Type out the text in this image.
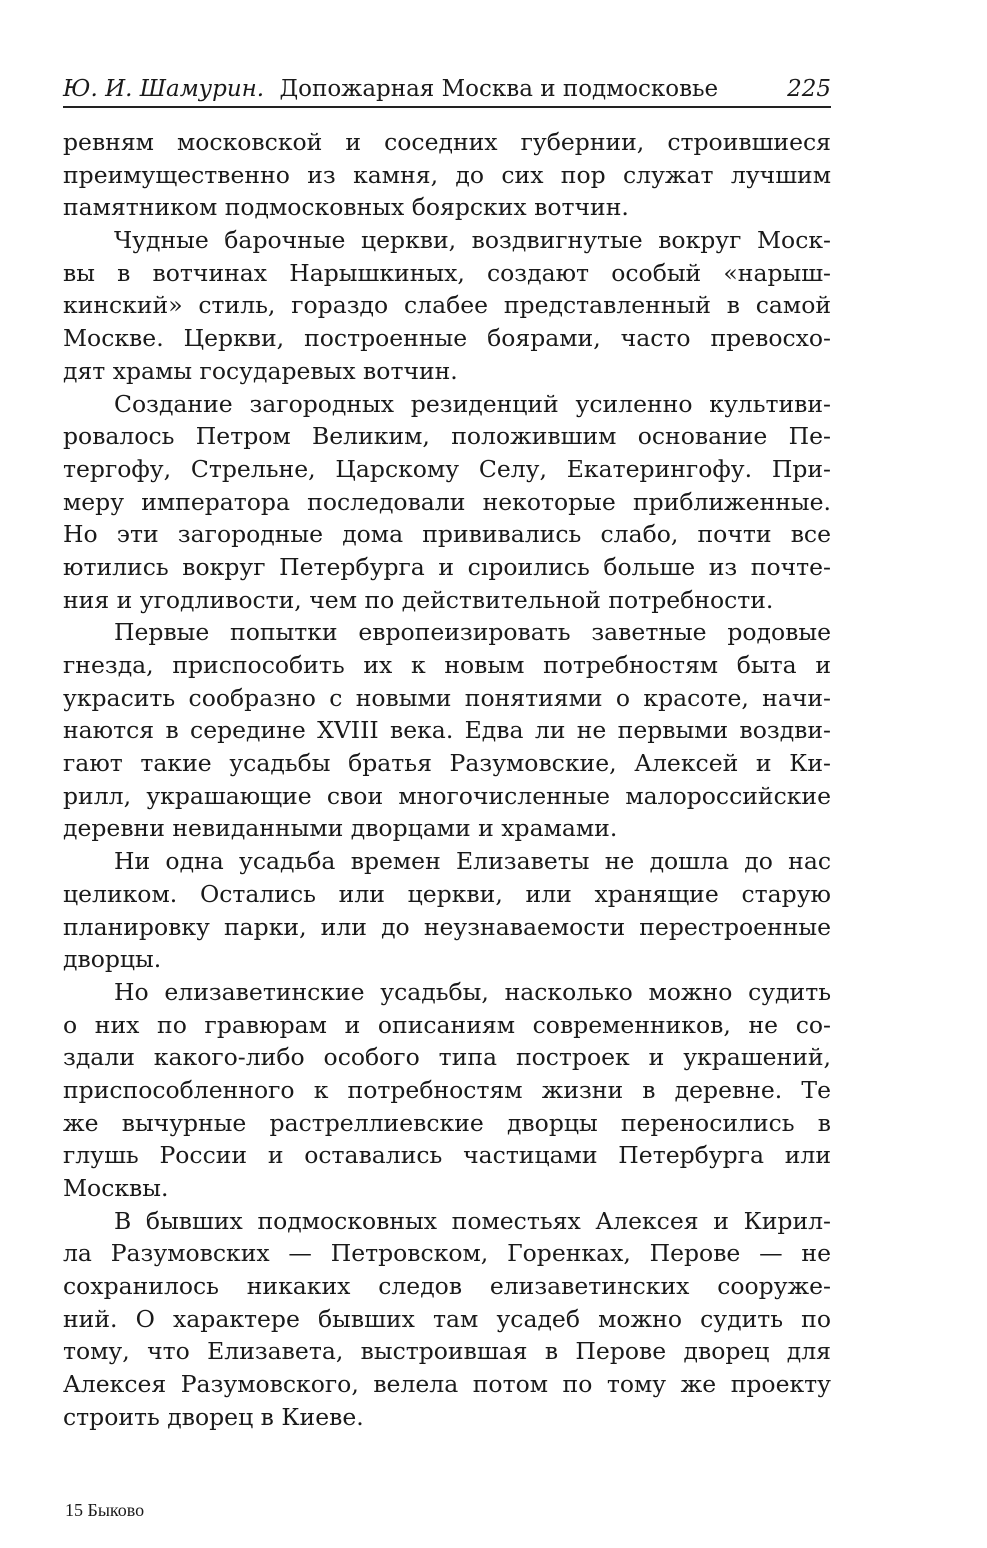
Ю. И. Шамурин. Допожарная Москва и подмосковье	225
ревням московской и соседних губернии, строившиеся
преимущественно из камня, до сих пор служат лучшим
памятником подмосковных боярских вотчин.
Чудные барочные церкви, воздвигнутые вокруг Моск-
вы в вотчинах Нарышкиных, создают особый «нарыш-
кинский» стиль, гораздо слабее представленный в самой
Москве. Церкви, построенные боярами, часто превосхо-
дят храмы государевых вотчин.
Создание загородных резиденций усиленно культиви-
ровалось Петром Великим, положившим основание Пе-
тергофу, Стрельне, Царскому Селу, Екатерингофу. При-
меру императора последовали некоторые приближенные.
Но эти загородные дома прививались слабо, почти все
ютились вокруг Петербурга и сıроились больше из почте-
ния и угодливости, чем по действительной потребности.
Первые попытки европеизировать заветные родовые
гнезда, приспособить их к новым потребностям быта и
украсить сообразно с новыми понятиями о красоте, начи-
наются в середине XVIII века. Едва ли не первыми воздви-
гают такие усадьбы братья Разумовские, Алексей и Ки-
рилл, украшающие свои многочисленные малороссийские
деревни невиданными дворцами и храмами.
Ни одна усадьба времен Елизаветы не дошла до нас
целиком. Остались или церкви, или хранящие старую
планировку парки, или до неузнаваемости перестроенные
дворцы.
Но елизаветинские усадьбы, насколько можно судить
о них по гравюрам и описаниям современников, не со-
здали какого-либо особого типа построек и украшений,
приспособленного к потребностям жизни в деревне. Те
же вычурные растреллиевские дворцы переносились в
глушь России и оставались частицами Петербурга или
Москвы.
В бывших подмосковных поместьях Алексея и Кирил-
ла Разумовских — Петровском, Горенках, Перове — не
сохранилось никаких следов елизаветинских сооруже-
ний. О характере бывших там усадеб можно судить по
тому, что Елизавета, выстроившая в Перове дворец для
Алексея Разумовского, велела потом по тому же проекту
строить дворец в Киеве.
15 Быково
